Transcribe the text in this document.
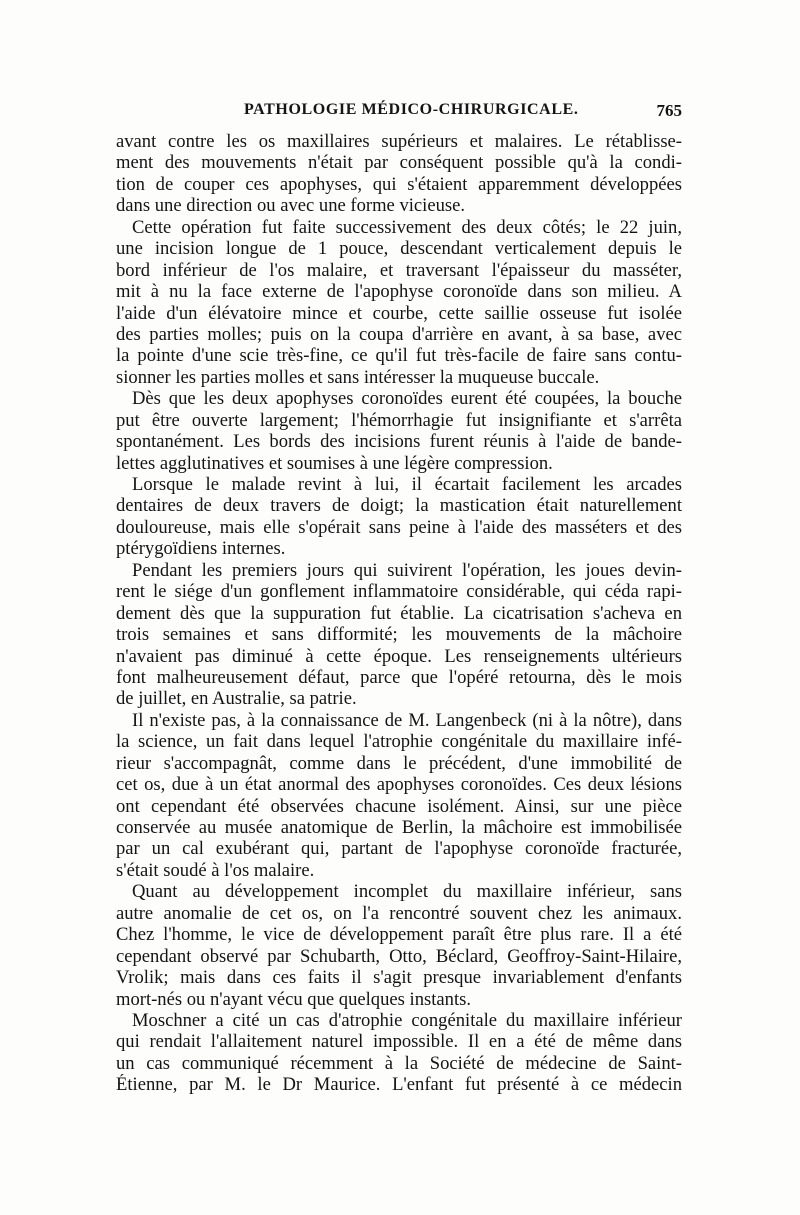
PATHOLOGIE MÉDICO-CHIRURGICALE.	765
avant contre les os maxillaires supérieurs et malaires. Le rétablisse-
ment des mouvements n'était par conséquent possible qu'à la condi-
tion de couper ces apophyses, qui s'étaient apparemment développées
dans une direction ou avec une forme vicieuse.
Cette opération fut faite successivement des deux côtés; le 22 juin,
une incision longue de 1 pouce, descendant verticalement depuis le
bord inférieur de l'os malaire, et traversant l'épaisseur du masséter,
mit à nu la face externe de l'apophyse coronoïde dans son milieu. A
l'aide d'un élévatoire mince et courbe, cette saillie osseuse fut isolée
des parties molles; puis on la coupa d'arrière en avant, à sa base, avec
la pointe d'une scie très-fine, ce qu'il fut très-facile de faire sans contu-
sionner les parties molles et sans intéresser la muqueuse buccale.
Dès que les deux apophyses coronoïdes eurent été coupées, la bouche
put être ouverte largement; l'hémorrhagie fut insignifiante et s'arrêta
spontanément. Les bords des incisions furent réunis à l'aide de bande-
lettes agglutinatives et soumises à une légère compression.
Lorsque le malade revint à lui, il écartait facilement les arcades
dentaires de deux travers de doigt; la mastication était naturellement
douloureuse, mais elle s'opérait sans peine à l'aide des masséters et des
ptérygoïdiens internes.
Pendant les premiers jours qui suivirent l'opération, les joues devin-
rent le siége d'un gonflement inflammatoire considérable, qui céda rapi-
dement dès que la suppuration fut établie. La cicatrisation s'acheva en
trois semaines et sans difformité; les mouvements de la mâchoire
n'avaient pas diminué à cette époque. Les renseignements ultérieurs
font malheureusement défaut, parce que l'opéré retourna, dès le mois
de juillet, en Australie, sa patrie.
Il n'existe pas, à la connaissance de M. Langenbeck (ni à la nôtre), dans
la science, un fait dans lequel l'atrophie congénitale du maxillaire infé-
rieur s'accompagnât, comme dans le précédent, d'une immobilité de
cet os, due à un état anormal des apophyses coronoïdes. Ces deux lésions
ont cependant été observées chacune isolément. Ainsi, sur une pièce
conservée au musée anatomique de Berlin, la mâchoire est immobilisée
par un cal exubérant qui, partant de l'apophyse coronoïde fracturée,
s'était soudé à l'os malaire.
Quant au développement incomplet du maxillaire inférieur, sans
autre anomalie de cet os, on l'a rencontré souvent chez les animaux.
Chez l'homme, le vice de développement paraît être plus rare. Il a été
cependant observé par Schubarth, Otto, Béclard, Geoffroy-Saint-Hilaire,
Vrolik; mais dans ces faits il s'agit presque invariablement d'enfants
mort-nés ou n'ayant vécu que quelques instants.
Moschner a cité un cas d'atrophie congénitale du maxillaire inférieur
qui rendait l'allaitement naturel impossible. Il en a été de même dans
un cas communiqué récemment à la Société de médecine de Saint-
Étienne, par M. le Dr Maurice. L'enfant fut présenté à ce médecin
